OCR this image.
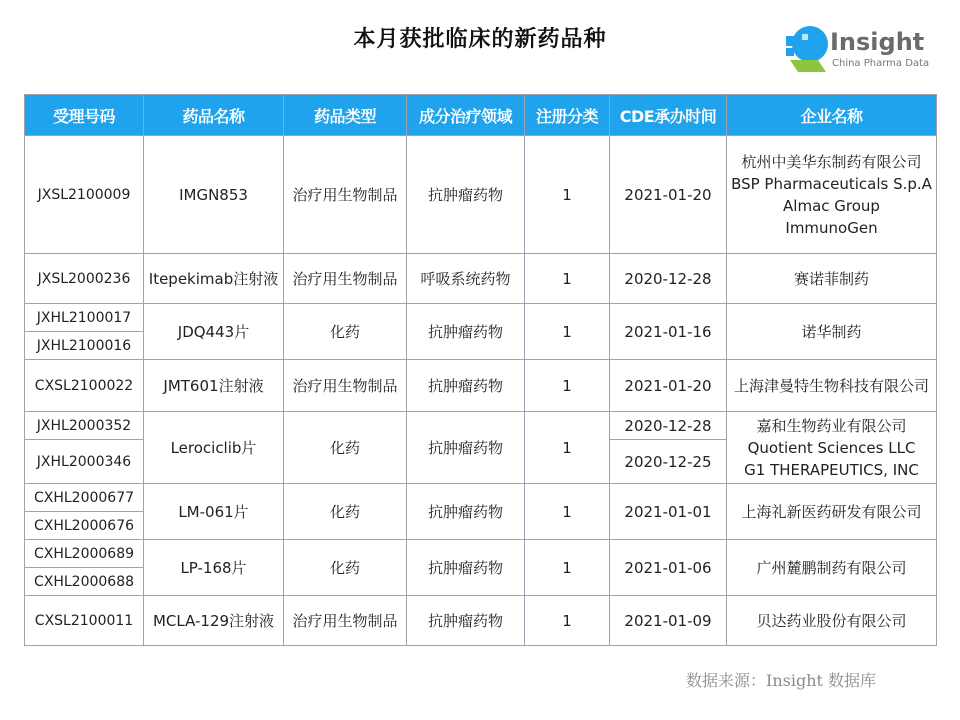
本月获批临床的新药品种	Insight
China Pharma Data
受理号码	药品名称	药品类型	成分治疗领域	注册分类	CDE承办时间	企业名称
JXSL2100009	IMGN853	治疗用生物制品	抗肿瘤药物	1	2021-01-20	杭州中美华东制药有限公司
BSP Pharmaceuticals S.p.A
Almac Group
ImmunoGen

JXSL2000236	Itepekimab注射液	治疗用生物制品	呼吸系统药物	1	2020-12-28	赛诺菲制药

JXHL2100017	JDQ443片	化药	抗肿瘤药物	1	2021-01-16	诺华制药

JXHL2100016						
CXSL2100022	JMT601注射液	治疗用生物制品	抗肿瘤药物	1	2021-01-20	上海津曼特生物科技有限公司

JXHL2000352	Lerociclib片	化药	抗肿瘤药物	1	2020-12-28	嘉和生物药业有限公司
Quotient Sciences LLC
G1 THERAPEUTICS, INC

JXHL2000346					2020-12-25	
CXHL2000677	LM-061片	化药	抗肿瘤药物	1	2021-01-01	上海礼新医药研发有限公司

CXHL2000676						
CXHL2000689	LP-168片	化药	抗肿瘤药物	1	2021-01-06	广州麓鹏制药有限公司

CXHL2000688						
CXSL2100011	MCLA-129注射液	治疗用生物制品	抗肿瘤药物	1	2021-01-09	贝达药业股份有限公司
数据来源：Insight 数据库
